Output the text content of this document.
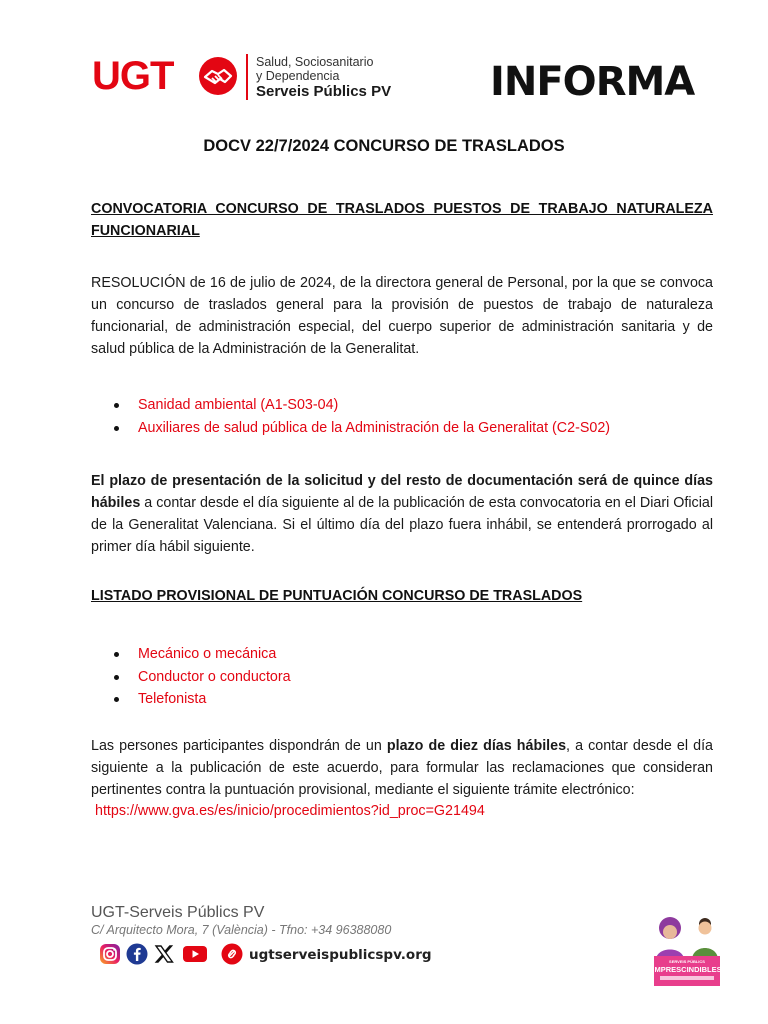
UGT	Salud, Sociosanitario
y Dependencia
Serveis Públics PV INFORMA
DOCV 22/7/2024 CONCURSO DE TRASLADOS
CONVOCATORIA CONCURSO DE TRASLADOS PUESTOS DE TRABAJO NATURALEZA FUNCIONARIAL
RESOLUCIÓN de 16 de julio de 2024, de la directora general de Personal, por la que se convoca un concurso de traslados general para la provisión de puestos de trabajo de naturaleza funcionarial, de administración especial, del cuerpo superior de administración sanitaria y de salud pública de la Administración de la Generalitat.
Sanidad ambiental (A1-S03-04)
Auxiliares de salud pública de la Administración de la Generalitat (C2-S02)
El plazo de presentación de la solicitud y del resto de documentación será de quince días hábiles a contar desde el día siguiente al de la publicación de esta convocatoria en el Diari Oficial de la Generalitat Valenciana. Si el último día del plazo fuera inhábil, se entenderá prorrogado al primer día hábil siguiente.
LISTADO PROVISIONAL DE PUNTUACIÓN CONCURSO DE TRASLADOS
Mecánico o mecánica
Conductor o conductora
Telefonista
Las persones participantes dispondrán de un plazo de diez días hábiles, a contar desde el día siguiente a la publicación de este acuerdo, para formular las reclamaciones que consideran pertinentes contra la puntuación provisional, mediante el siguiente trámite electrónico:
https://www.gva.es/es/inicio/procedimientos?id_proc=G21494
UGT-Serveis Públics PV
C/ Arquitecto Mora, 7 (València) - Tfno: +34 96388080
ugtserveispublicspv.org	SERVEIS PÚBLICS
IMPRESCINDIBLES
